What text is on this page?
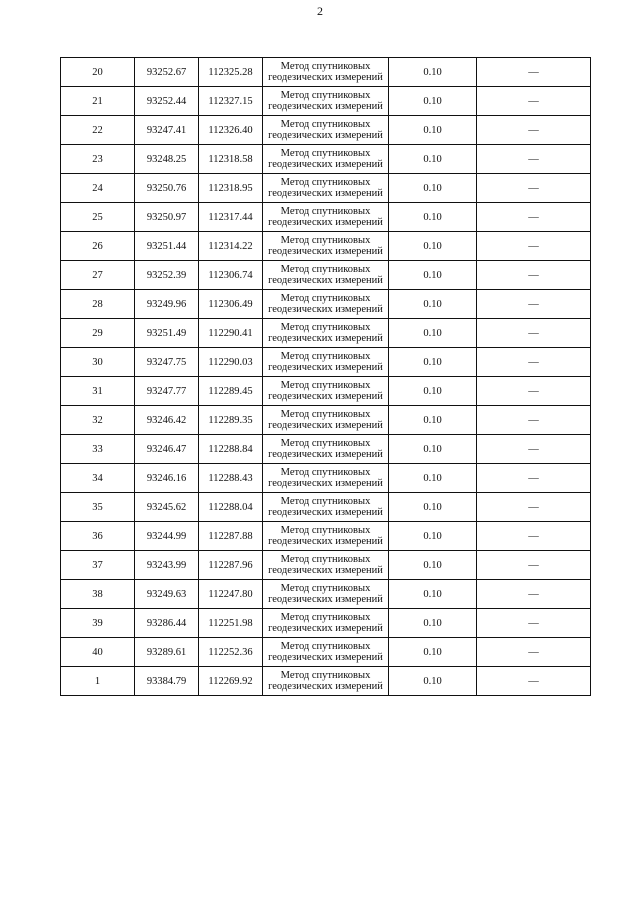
2
20	93252.67	112325.28	Метод спутниковых
геодезических измерений	0.10	—
21	93252.44	112327.15	Метод спутниковых
геодезических измерений	0.10	—
22	93247.41	112326.40	Метод спутниковых
геодезических измерений	0.10	—
23	93248.25	112318.58	Метод спутниковых
геодезических измерений	0.10	—
24	93250.76	112318.95	Метод спутниковых
геодезических измерений	0.10	—
25	93250.97	112317.44	Метод спутниковых
геодезических измерений	0.10	—
26	93251.44	112314.22	Метод спутниковых
геодезических измерений	0.10	—
27	93252.39	112306.74	Метод спутниковых
геодезических измерений	0.10	—
28	93249.96	112306.49	Метод спутниковых
геодезических измерений	0.10	—
29	93251.49	112290.41	Метод спутниковых
геодезических измерений	0.10	—
30	93247.75	112290.03	Метод спутниковых
геодезических измерений	0.10	—
31	93247.77	112289.45	Метод спутниковых
геодезических измерений	0.10	—
32	93246.42	112289.35	Метод спутниковых
геодезических измерений	0.10	—
33	93246.47	112288.84	Метод спутниковых
геодезических измерений	0.10	—
34	93246.16	112288.43	Метод спутниковых
геодезических измерений	0.10	—
35	93245.62	112288.04	Метод спутниковых
геодезических измерений	0.10	—
36	93244.99	112287.88	Метод спутниковых
геодезических измерений	0.10	—
37	93243.99	112287.96	Метод спутниковых
геодезических измерений	0.10	—
38	93249.63	112247.80	Метод спутниковых
геодезических измерений	0.10	—
39	93286.44	112251.98	Метод спутниковых
геодезических измерений	0.10	—
40	93289.61	112252.36	Метод спутниковых
геодезических измерений	0.10	—
1	93384.79	112269.92	Метод спутниковых
геодезических измерений	0.10	—
